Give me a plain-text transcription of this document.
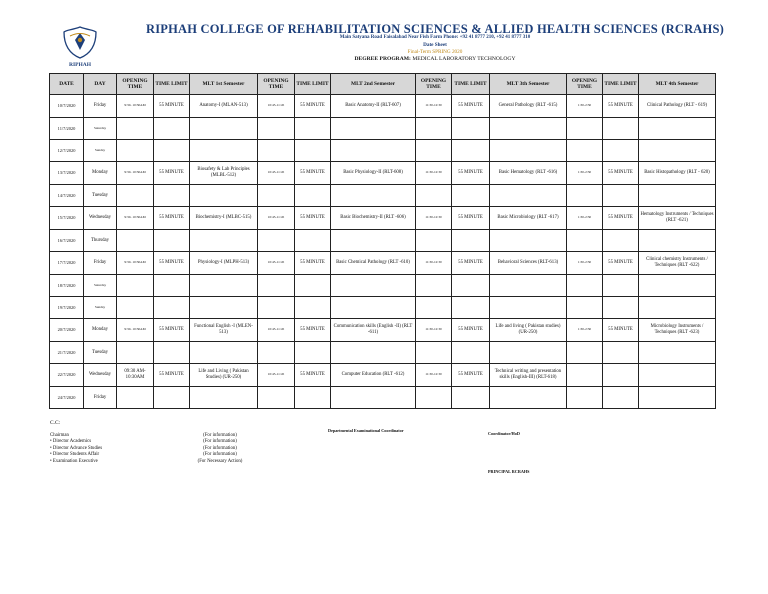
RIPHAH
RIPHAH COLLEGE OF REHABILITATION SCIENCES & ALLIED HEALTH SCIENCES (RCRAHS)
Main Satyana Road Faisalabad Near Fish Farm Phone: +92 41 8777 210, +92 41 8777 310
Date Sheet
Final-Term SPRING 2020
DEGREE PROGRAM: MEDICAL LABORATORY TECHNOLOGY
DATE	DAY	OPENING TIME	TIME LIMIT	MLT 1st Semester	OPENING TIME	TIME LIMIT	MLT 2nd Semester	OPENING TIME	TIME LIMIT	MLT 3th Semester	OPENING TIME	TIME LIMIT	MLT 4th Semester
10/7/2020	Friday	9:30- 10:30AM	55 MINUTE	Anatomy-I (MLAN-513)	10:45-11:45	55 MINUTE	Basic Anatomy-II (RLT-607)	11:30-12:30	55 MINUTE	General Pathology (RLT -615)	1:30-2:30	55 MINUTE	Clinical Pathology (RLT - 619)
11/7/2020	Saturday												
12/7/2020	Sunday												
13/7/2020	Monday	9:30- 10:30AM	55 MINUTE	Biosafety & Lab Principles (MLBL-512)	10:45-11:45	55 MINUTE	Basic Physiology-II (RLT-608)	11:30-12:30	55 MINUTE	Basic Hematology (RLT -616)	1:30-2:30	55 MINUTE	Basic Histopathology (RLT - 620)
14/7/2020	Tuesday												
15/7/2020	Wednesday	9:30- 10:30AM	55 MINUTE	Biochemistry-I (MLBC-515)	10:45-11:45	55 MINUTE	Basic Biochemistry-II (RLT -606)	11:30-12:30	55 MINUTE	Basic Microbiology (RLT -617)	1:30-2:30	55 MINUTE	Hematology Instruments / Techniques (RLT -621)
16/7/2020	Thursday												
17/7/2020	Friday	9:30- 10:30AM	55 MINUTE	Physiology-I (MLPH-513)	10:45-11:45	55 MINUTE	Basic Chemical Pathology (RLT -610)	11:30-12:30	55 MINUTE	Behavioral Sciences (RLT-613)	1:30-2:30	55 MINUTE	Clinical chemistry Instruments / Techniques (RLT -622)
18/7/2020	Saturday												
19/7/2020	Sunday												
20/7/2020	Monday	9:30- 10:30AM	55 MINUTE	Functional English -I (MLEN-513)	10:45-11:45	55 MINUTE	Communication skills (English -II) (RLT -611)	11:30-12:30	55 MINUTE	Life and living ( Pakistan studies) (UR-250)	1:30-2:30	55 MINUTE	Microbiology Instruments / Techniques (RLT -623)
21/7/2020	Tuesday												
22/7/2020	Wednesday	09:30 AM-10:30AM	55 MINUTE	Life and Living ( Pakistan Studies) (UR-250)	10:45-11:45	55 MINUTE	Computer Education (RLT -612)	11:30-12:30	55 MINUTE	Technical writing and presentation skills (English-III) (RLT-618)			
24/7/2020	Friday												
C.C:
Chairman
• Director Academics
• Director Advance Studies
• Director Students Affair
• Examination Executive
(For information)
(For information)
(For information)
(For information)
(For Necessary Action)
Departmental Examinational Coordinator
Coordinator/HoD
PRINCIPAL RCRAHS
